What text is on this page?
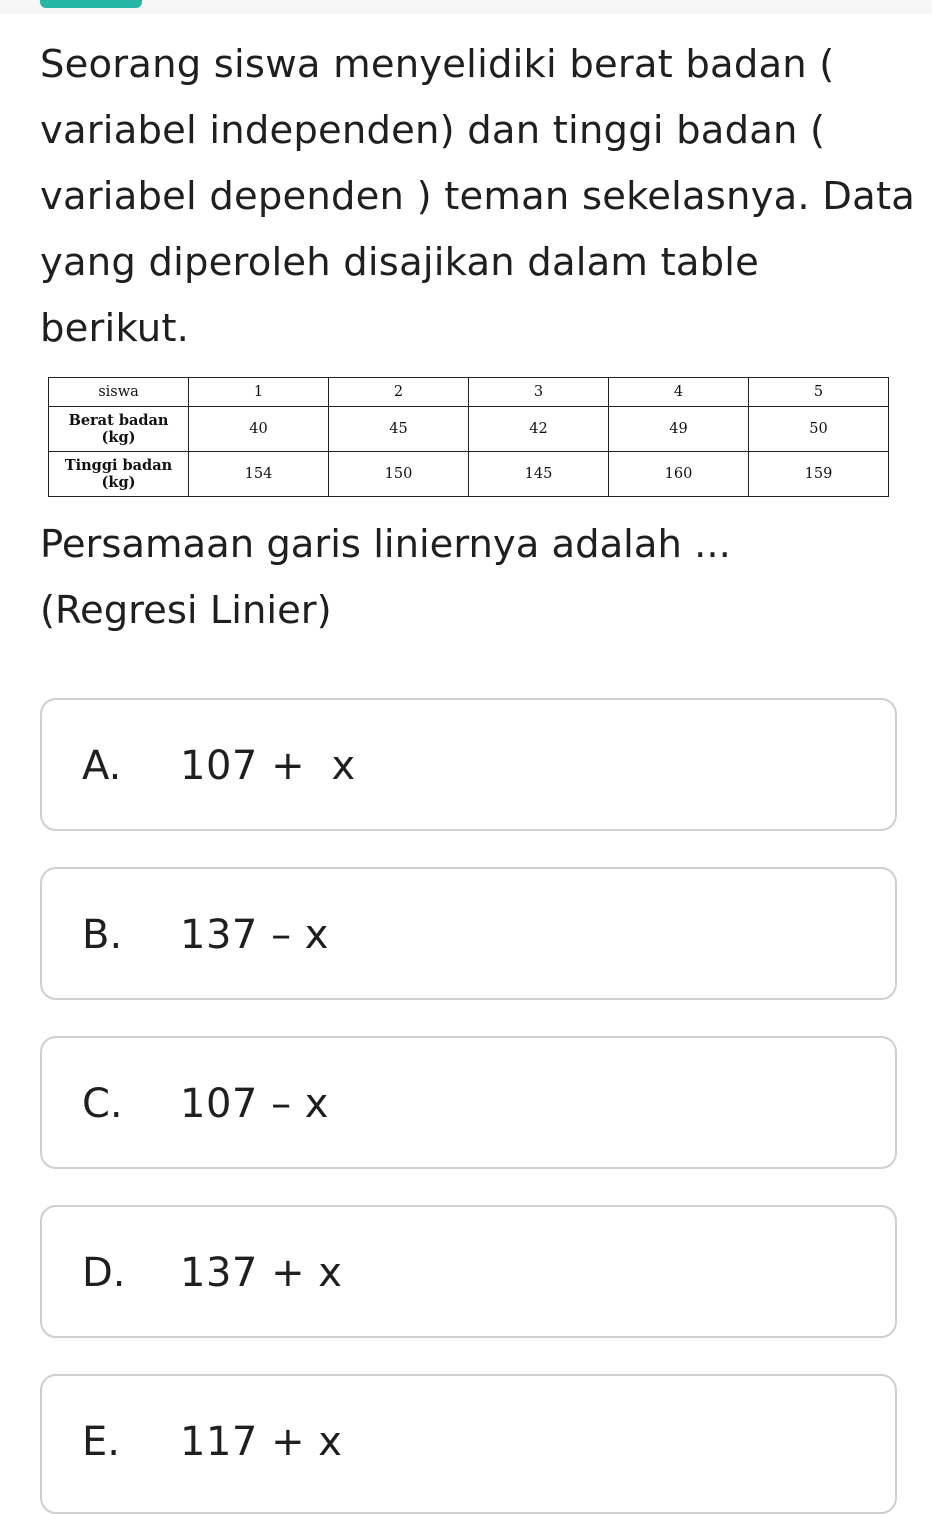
Seorang siswa menyelidiki berat badan ( variabel independen) dan tinggi badan ( variabel dependen ) teman sekelasnya. Data yang diperoleh disajikan dalam table berikut.

siswa	1	2	3	4	5
Berat badan (kg)	40	45	42	49	50
Tinggi badan (kg)	154	150	145	160	159
Persamaan garis liniernya adalah ...
(Regresi Linier)
A. 107 +  x
B. 137 – x
C. 107 – x
D. 137 + x
E. 117 + x
